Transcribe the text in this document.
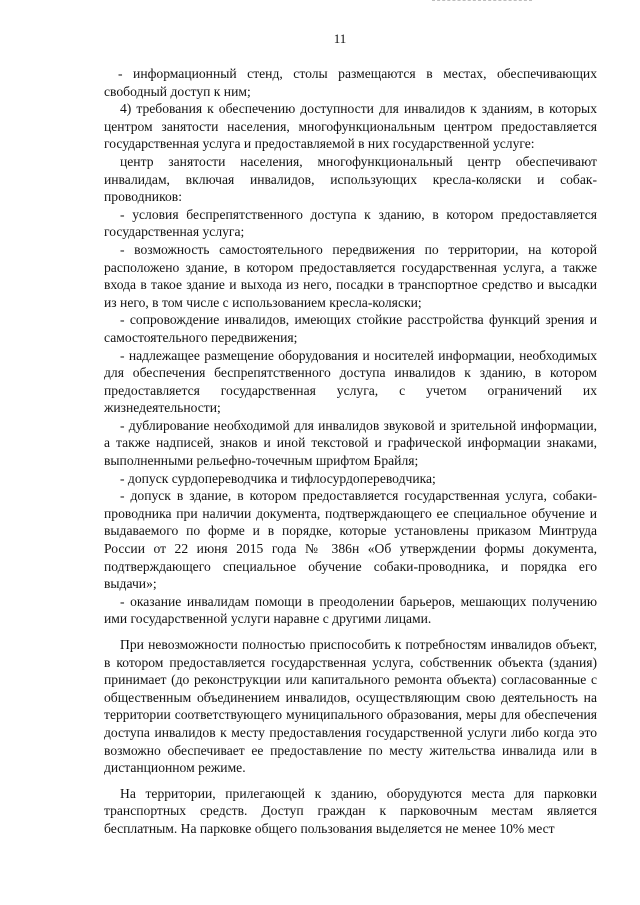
11

- информационный стенд, столы размещаются в местах, обеспечивающих свободный доступ к ним;

4) требования к обеспечению доступности для инвалидов к зданиям, в которых центром занятости населения, многофункциональным центром предоставляется государственная услуга и предоставляемой в них государственной услуге:

центр занятости населения, многофункциональный центр обеспечивают инвалидам, включая инвалидов, использующих кресла-коляски и собак-проводников:

- условия беспрепятственного доступа к зданию, в котором предоставляется государственная услуга;

- возможность самостоятельного передвижения по территории, на которой расположено здание, в котором предоставляется государственная услуга, а также входа в такое здание и выхода из него, посадки в транспортное средство и высадки из него, в том числе с использованием кресла-коляски;

- сопровождение инвалидов, имеющих стойкие расстройства функций зрения и самостоятельного передвижения;

- надлежащее размещение оборудования и носителей информации, необходимых для обеспечения беспрепятственного доступа инвалидов к зданию, в котором предоставляется государственная услуга, с учетом ограничений их жизнедеятельности;

- дублирование необходимой для инвалидов звуковой и зрительной информации, а также надписей, знаков и иной текстовой и графической информации знаками, выполненными рельефно-точечным шрифтом Брайля;

- допуск сурдопереводчика и тифлосурдопереводчика;

- допуск в здание, в котором предоставляется государственная услуга, собаки-проводника при наличии документа, подтверждающего ее специальное обучение и выдаваемого по форме и в порядке, которые установлены приказом Минтруда России от 22 июня 2015 года № 386н «Об утверждении формы документа, подтверждающего специальное обучение собаки-проводника, и порядка его выдачи»;

- оказание инвалидам помощи в преодолении барьеров, мешающих получению ими государственной услуги наравне с другими лицами.

При невозможности полностью приспособить к потребностям инвалидов объект, в котором предоставляется государственная услуга, собственник объекта (здания) принимает (до реконструкции или капитального ремонта объекта) согласованные с общественным объединением инвалидов, осуществляющим свою деятельность на территории соответствующего муниципального образования, меры для обеспечения доступа инвалидов к месту предоставления государственной услуги либо когда это возможно обеспечивает ее предоставление по месту жительства инвалида или в дистанционном режиме.

На территории, прилегающей к зданию, оборудуются места для парковки транспортных средств. Доступ граждан к парковочным местам является бесплатным. На парковке общего пользования выделяется не менее 10% мест
